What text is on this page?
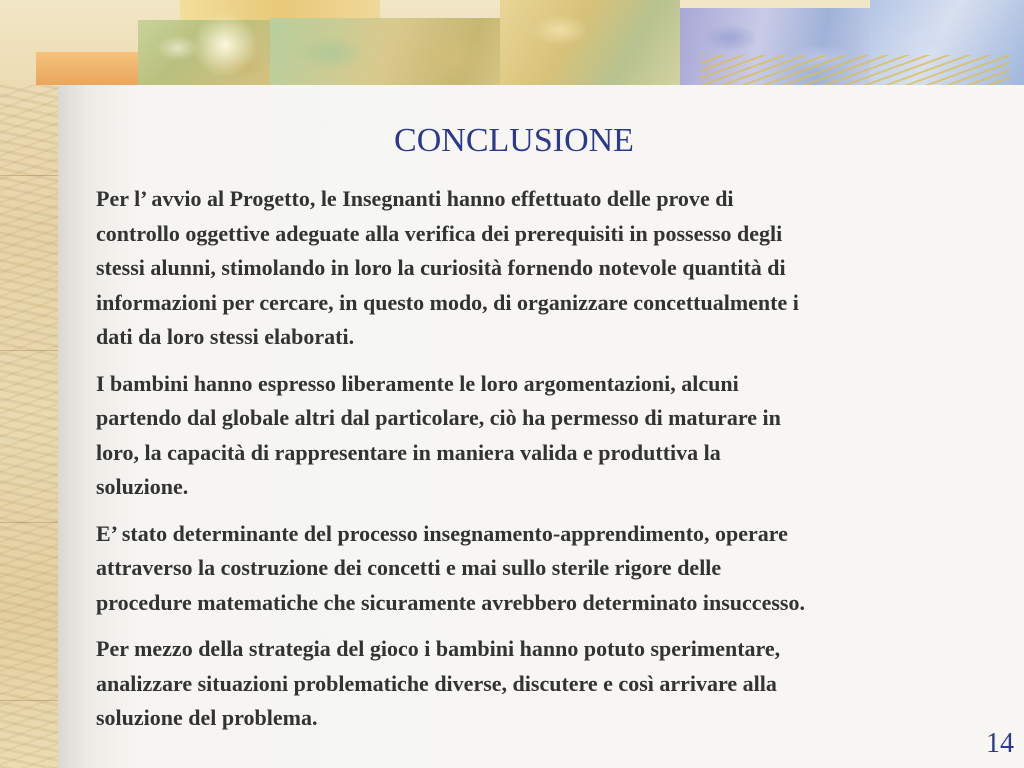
CONCLUSIONE

Per l’ avvio al Progetto, le Insegnanti hanno effettuato delle prove di
controllo oggettive adeguate alla verifica dei prerequisiti in possesso degli
stessi alunni, stimolando in loro la curiosità fornendo notevole quantità di
informazioni per cercare, in questo modo, di organizzare concettualmente i
dati da loro stessi elaborati.

I bambini hanno espresso liberamente le loro argomentazioni, alcuni
partendo dal globale altri dal particolare, ciò ha permesso di maturare in
loro, la capacità di rappresentare in maniera valida e produttiva la
soluzione.

E’ stato determinante del processo insegnamento-apprendimento, operare
attraverso la costruzione dei concetti e mai sullo sterile rigore delle
procedure matematiche che sicuramente avrebbero determinato insuccesso.

Per mezzo della strategia del gioco i bambini hanno potuto sperimentare,
analizzare situazioni problematiche diverse, discutere e così arrivare alla
soluzione del problema.

14
